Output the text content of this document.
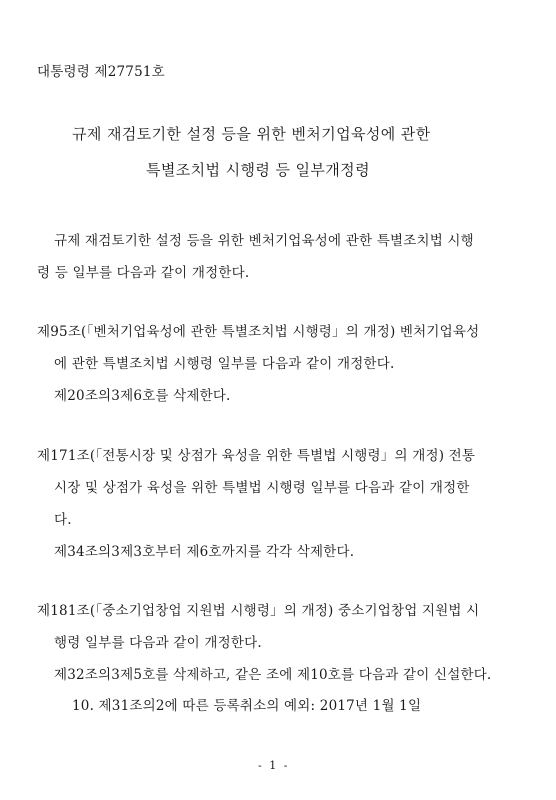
대통령령 제27751호
규제 재검토기한 설정 등을 위한 벤처기업육성에 관한
특별조치법 시행령 등 일부개정령
규제 재검토기한 설정 등을 위한 벤처기업육성에 관한 특별조치법 시행
령 등 일부를 다음과 같이 개정한다.
제95조(「벤처기업육성에 관한 특별조치법 시행령」의 개정) 벤처기업육성
에 관한 특별조치법 시행령 일부를 다음과 같이 개정한다.
제20조의3제6호를 삭제한다.
제171조(「전통시장 및 상점가 육성을 위한 특별법 시행령」의 개정) 전통
시장 및 상점가 육성을 위한 특별법 시행령 일부를 다음과 같이 개정한
다.
제34조의3제3호부터 제6호까지를 각각 삭제한다.
제181조(「중소기업창업 지원법 시행령」의 개정) 중소기업창업 지원법 시
행령 일부를 다음과 같이 개정한다.
제32조의3제5호를 삭제하고, 같은 조에 제10호를 다음과 같이 신설한다.
10. 제31조의2에 따른 등록취소의 예외: 2017년 1월 1일
- 1 -
